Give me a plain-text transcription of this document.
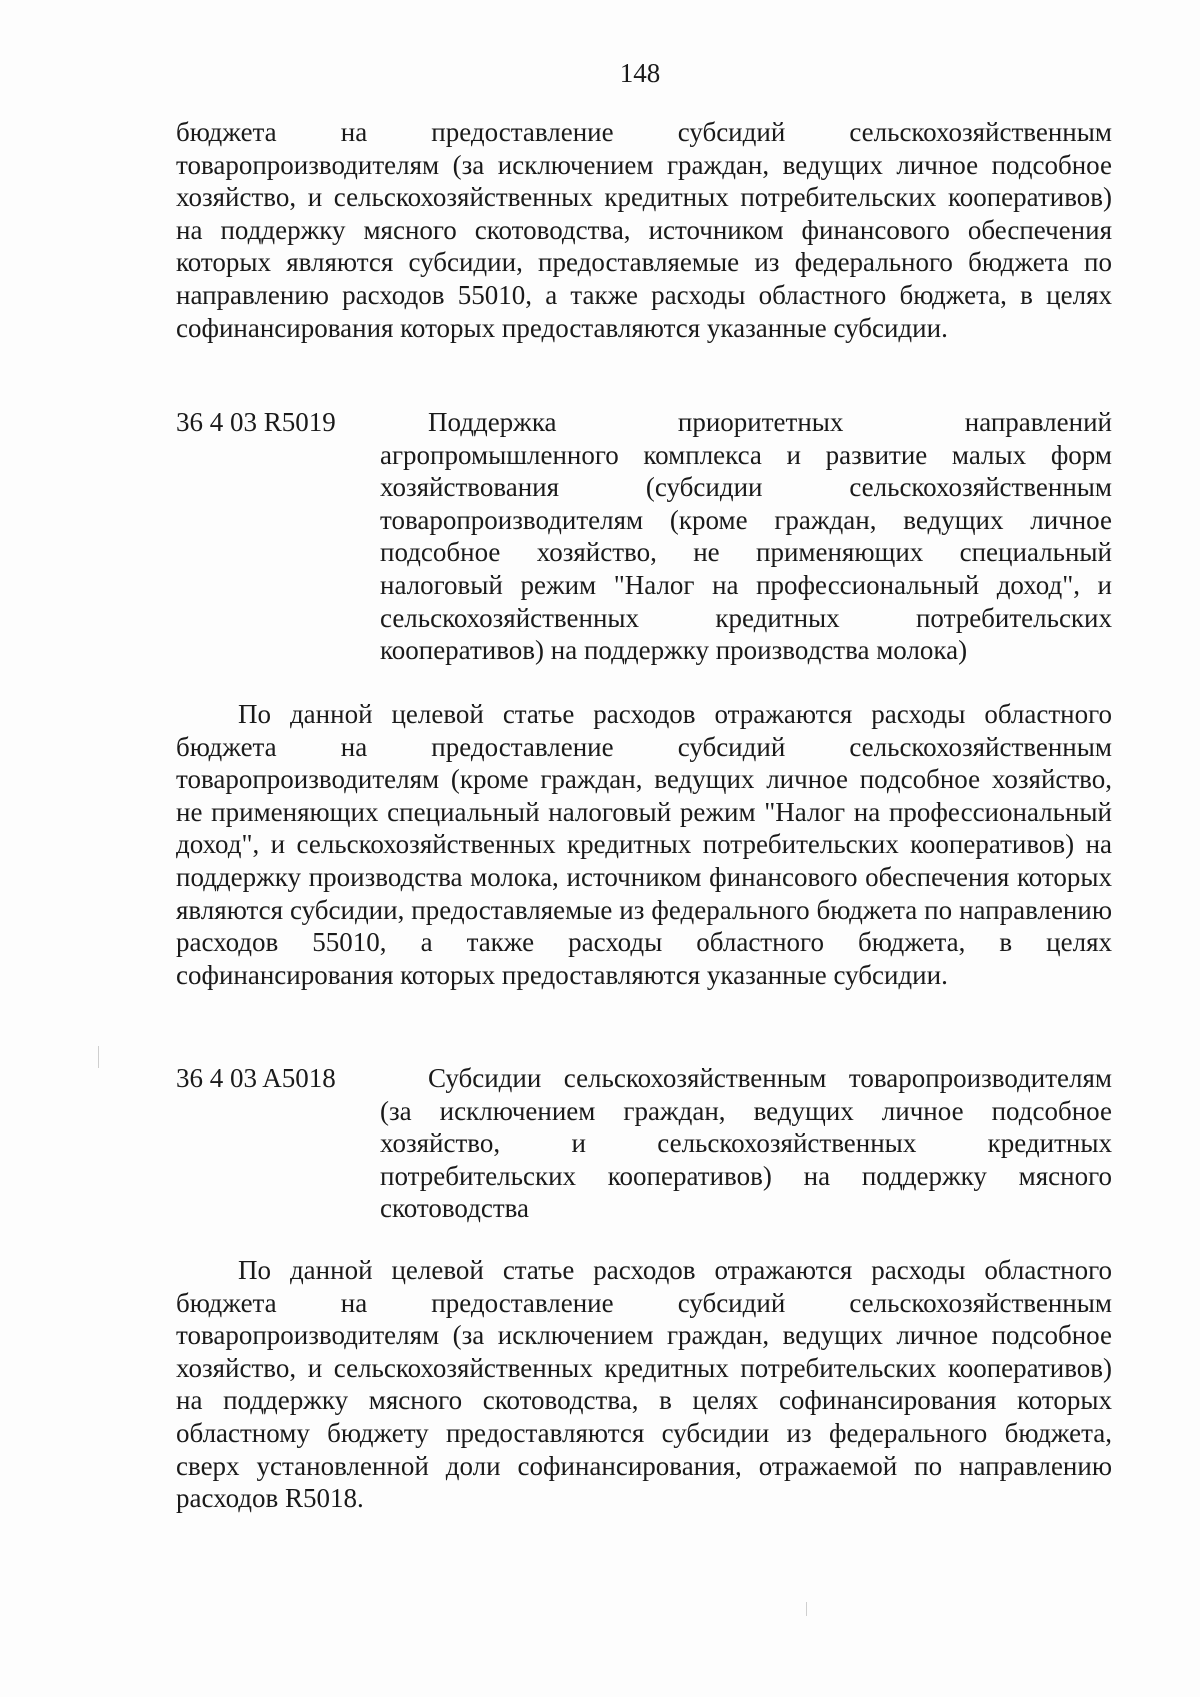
148
бюджета на предоставление субсидий сельскохозяйственным товаропроизводителям (за исключением граждан, ведущих личное подсобное хозяйство, и сельскохозяйственных кредитных потребительских кооперативов) на поддержку мясного скотоводства, источником финансового обеспечения которых являются субсидии, предоставляемые из федерального бюджета по направлению расходов 55010, а также расходы областного бюджета, в целях софинансирования которых предоставляются указанные субсидии.
36 4 03 R5019	Поддержка приоритетных направлений агропромышленного комплекса и развитие малых форм хозяйствования (субсидии сельскохозяйственным товаропроизводителям (кроме граждан, ведущих личное подсобное хозяйство, не применяющих специальный налоговый режим "Налог на профессиональный доход", и сельскохозяйственных кредитных потребительских кооперативов) на поддержку производства молока)
По данной целевой статье расходов отражаются расходы областного бюджета на предоставление субсидий сельскохозяйственным товаропроизводителям (кроме граждан, ведущих личное подсобное хозяйство, не применяющих специальный налоговый режим "Налог на профессиональный доход", и сельскохозяйственных кредитных потребительских кооперативов) на поддержку производства молока, источником финансового обеспечения которых являются субсидии, предоставляемые из федерального бюджета по направлению расходов 55010, а также расходы областного бюджета, в целях софинансирования которых предоставляются указанные субсидии.
36 4 03 A5018	Субсидии сельскохозяйственным товаропроизводителям (за исключением граждан, ведущих личное подсобное хозяйство, и сельскохозяйственных кредитных потребительских кооперативов) на поддержку мясного скотоводства
По данной целевой статье расходов отражаются расходы областного бюджета на предоставление субсидий сельскохозяйственным товаропроизводителям (за исключением граждан, ведущих личное подсобное хозяйство, и сельскохозяйственных кредитных потребительских кооперативов) на поддержку мясного скотоводства, в целях софинансирования которых областному бюджету предоставляются субсидии из федерального бюджета, сверх установленной доли софинансирования, отражаемой по направлению расходов R5018.
